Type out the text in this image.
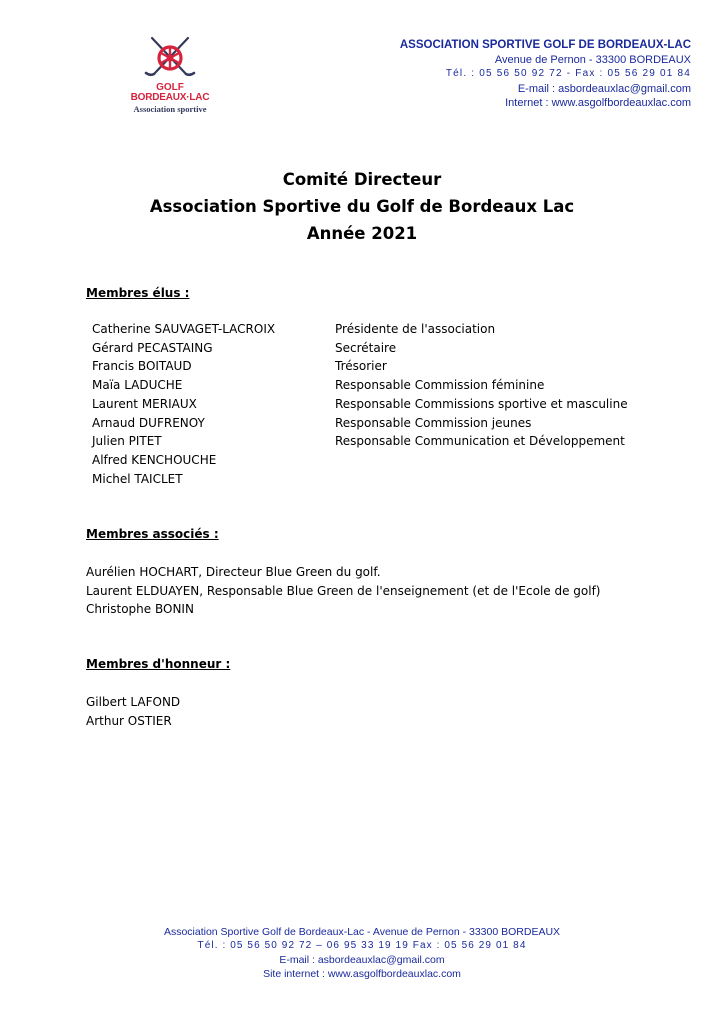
GOLF
BORDEAUX·LAC
Association sportive
ASSOCIATION SPORTIVE GOLF DE BORDEAUX-LAC
Avenue de Pernon - 33300 BORDEAUX
Tél. : 05 56 50 92 72 - Fax : 05 56 29 01 84
E-mail : asbordeauxlac@gmail.com
Internet : www.asgolfbordeauxlac.com
Comité Directeur
Association Sportive du Golf de Bordeaux Lac
Année 2021
Membres élus :
Catherine SAUVAGET-LACROIX	Présidente de l'association
Gérard PECASTAING	Secrétaire
Francis BOITAUD	Trésorier
Maïa LADUCHE	Responsable Commission féminine
Laurent MERIAUX	Responsable Commissions sportive et masculine
Arnaud DUFRENOY	Responsable Commission jeunes
Julien PITET	Responsable Communication et Développement
Alfred KENCHOUCHE
Michel TAICLET
Membres associés :
Aurélien HOCHART, Directeur Blue Green du golf.
Laurent ELDUAYEN, Responsable Blue Green de l'enseignement (et de l'Ecole de golf)
Christophe BONIN
Membres d'honneur :
Gilbert LAFOND
Arthur OSTIER
Association Sportive Golf de Bordeaux-Lac - Avenue de Pernon - 33300 BORDEAUX
Tél. : 05 56 50 92 72 – 06 95 33 19 19 Fax : 05 56 29 01 84
E-mail : asbordeauxlac@gmail.com
Site internet : www.asgolfbordeauxlac.com
